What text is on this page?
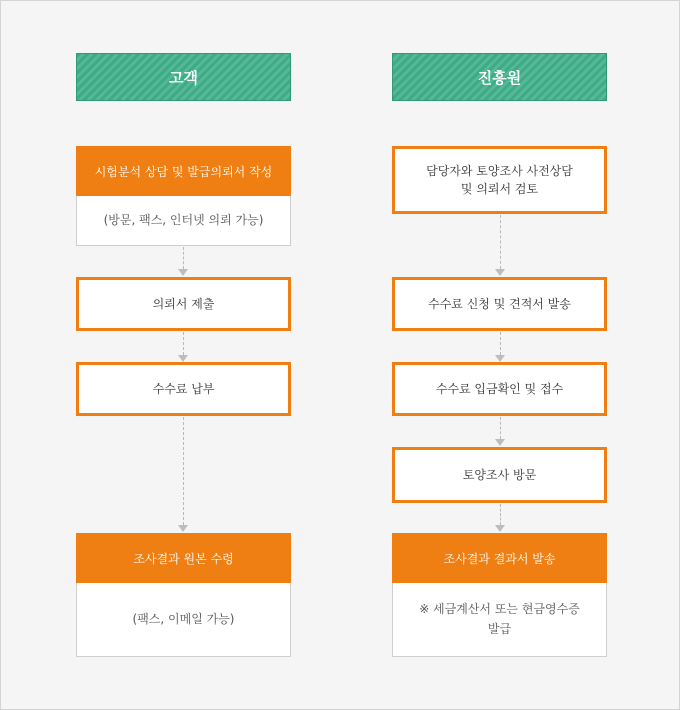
고객	진흥원
시험분석 상담 및 발급의뢰서 작성
(방문, 팩스, 인터넷 의뢰 가능)
의뢰서 제출
수수료 납부
조사결과 원본 수령
(팩스, 이메일 가능)
담당자와 토양조사 사전상담
및 의뢰서 검토
수수료 신청 및 견적서 발송
수수료 입금확인 및 접수
토양조사 방문
조사결과 결과서 발송
※ 세금계산서 또는 현금영수증
발급
